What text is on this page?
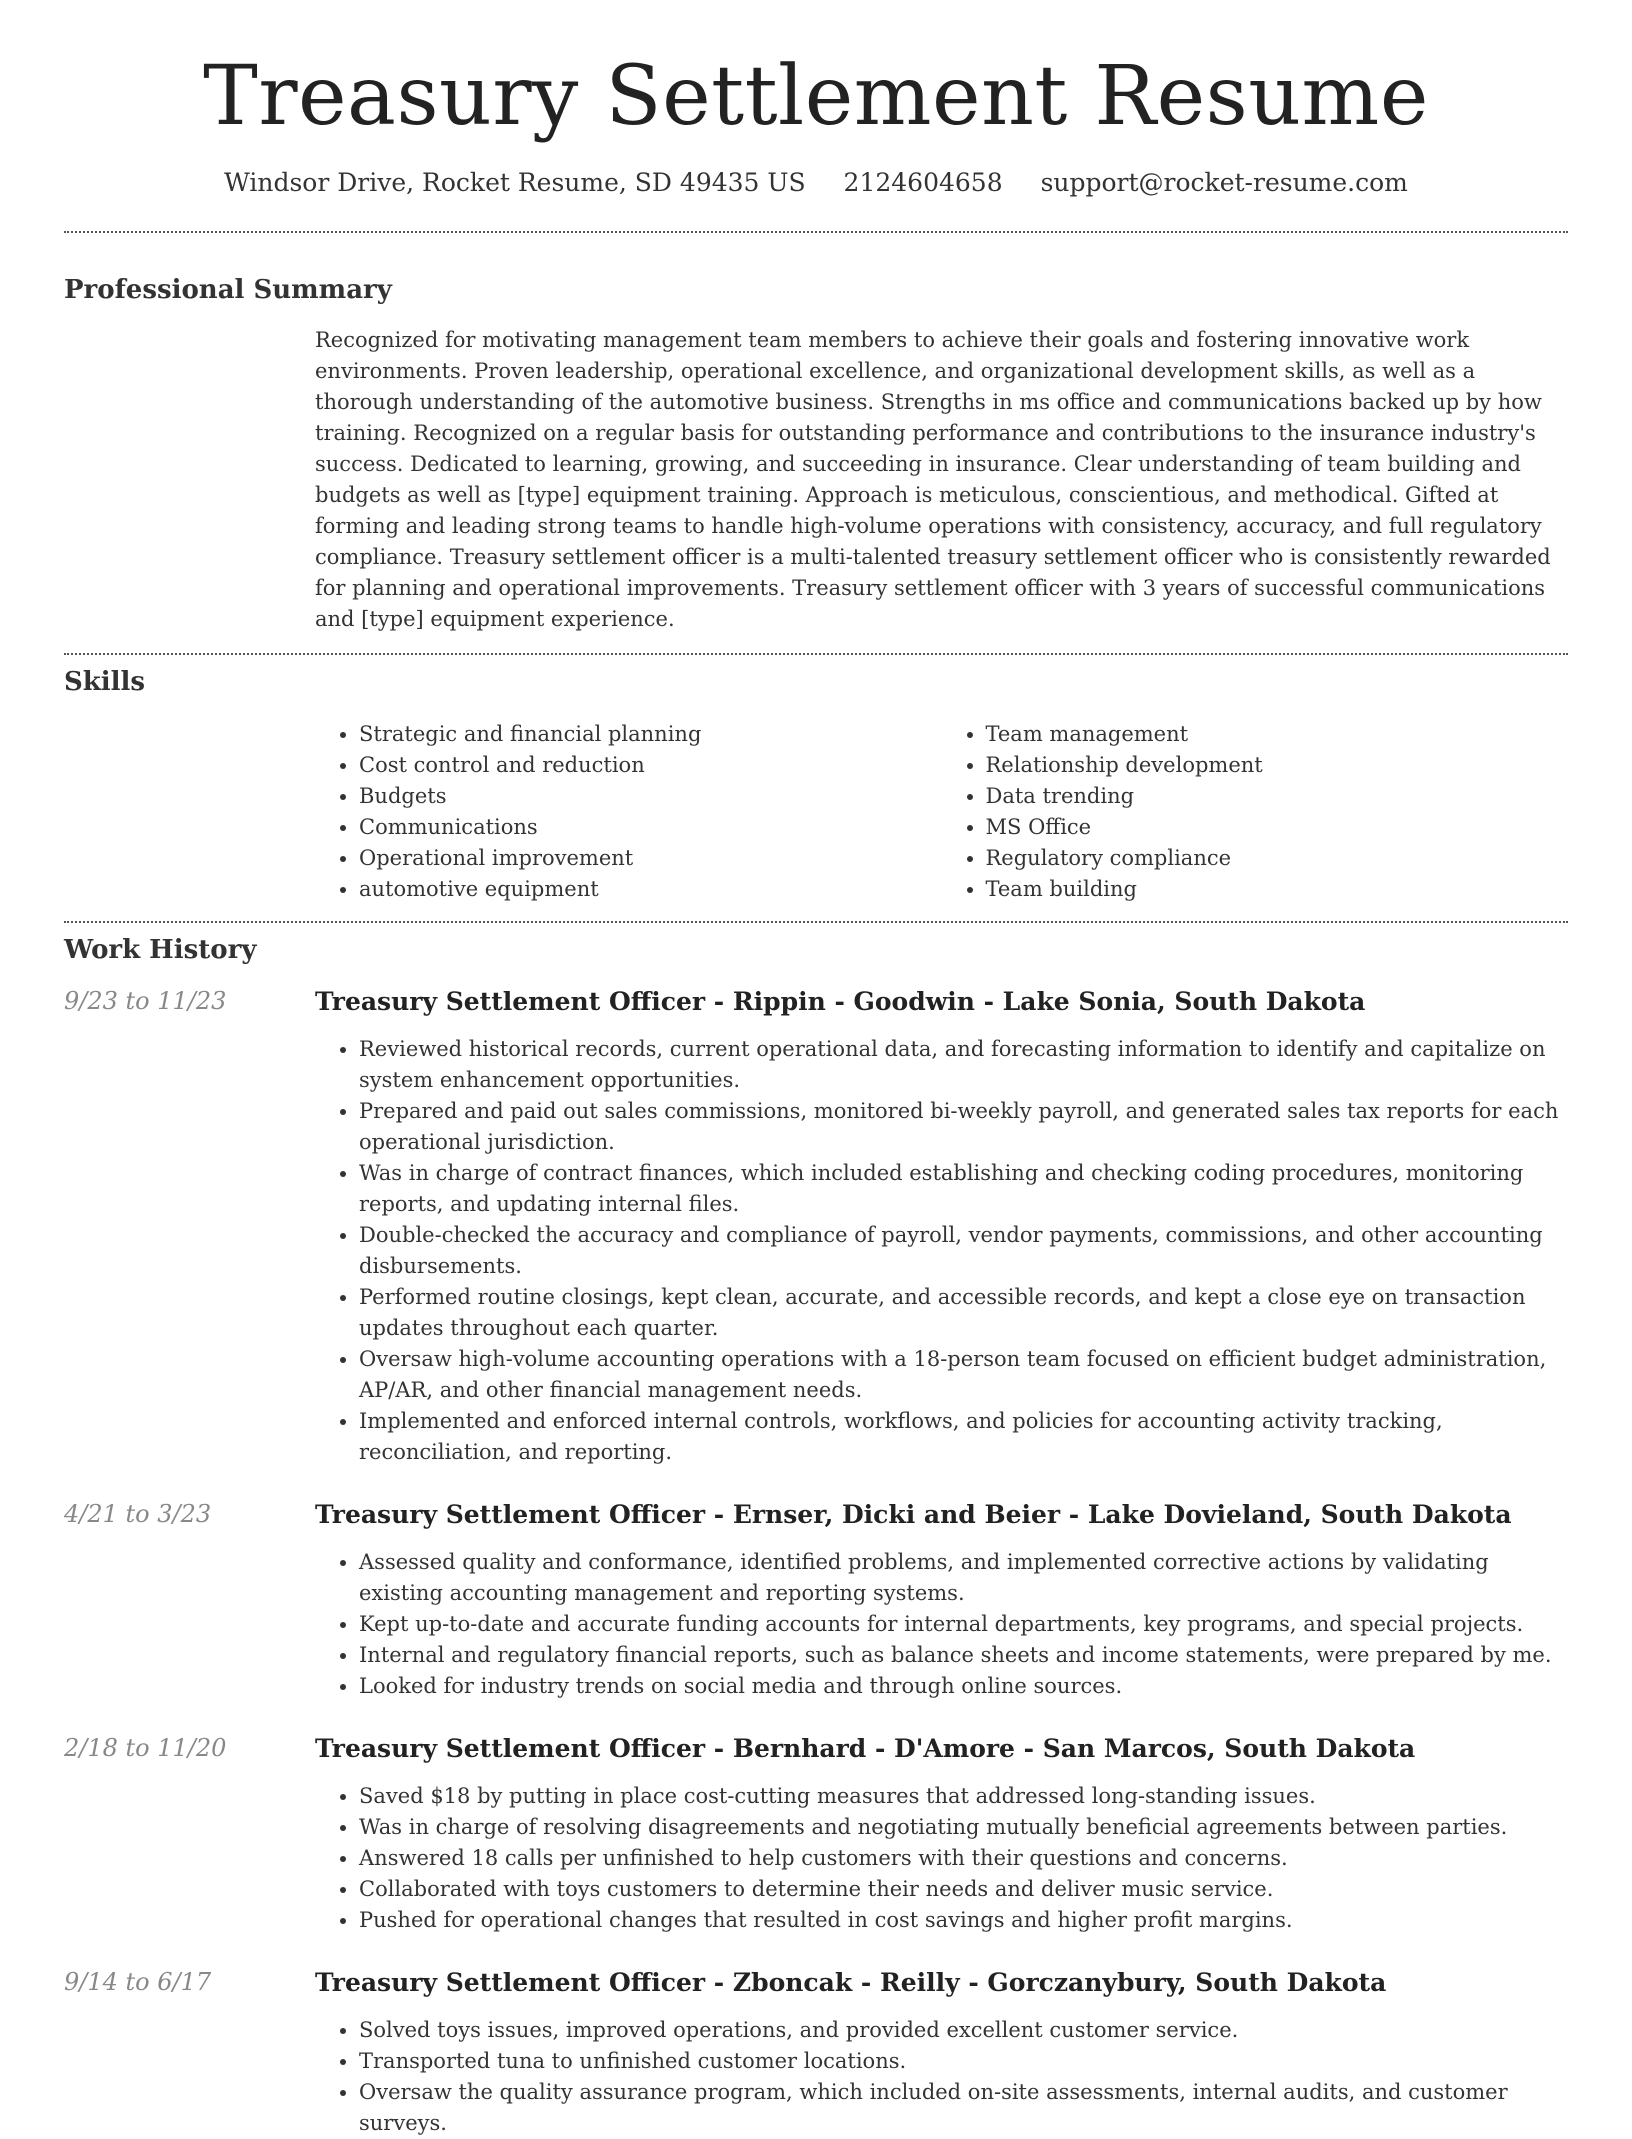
Treasury Settlement Resume
Windsor Drive, Rocket Resume, SD 49435 US 2124604658 support@rocket-resume.com
Professional Summary

Recognized for motivating management team members to achieve their goals and fostering innovative work environments. Proven leadership, operational excellence, and organizational development skills, as well as a thorough understanding of the automotive business. Strengths in ms office and communications backed up by how training. Recognized on a regular basis for outstanding performance and contributions to the insurance industry's success. Dedicated to learning, growing, and succeeding in insurance. Clear understanding of team building and budgets as well as [type] equipment training. Approach is meticulous, conscientious, and methodical. Gifted at forming and leading strong teams to handle high-volume operations with consistency, accuracy, and full regulatory compliance. Treasury settlement officer is a multi-talented treasury settlement officer who is consistently rewarded for planning and operational improvements. Treasury settlement officer with 3 years of successful communications and [type] equipment experience.

Skills
• Strategic and financial planning
• Cost control and reduction
• Budgets
• Communications
• Operational improvement
• automotive equipment
• Team management
• Relationship development
• Data trending
• MS Office
• Regulatory compliance
• Team building
Work History
9/23 to 11/23	Treasury Settlement Officer - Rippin - Goodwin - Lake Sonia, South Dakota
• Reviewed historical records, current operational data, and forecasting information to identify and capitalize on system enhancement opportunities.
• Prepared and paid out sales commissions, monitored bi-weekly payroll, and generated sales tax reports for each operational jurisdiction.
• Was in charge of contract finances, which included establishing and checking coding procedures, monitoring reports, and updating internal files.
• Double-checked the accuracy and compliance of payroll, vendor payments, commissions, and other accounting disbursements.
• Performed routine closings, kept clean, accurate, and accessible records, and kept a close eye on transaction updates throughout each quarter.
• Oversaw high-volume accounting operations with a 18-person team focused on efficient budget administration, AP/AR, and other financial management needs.
• Implemented and enforced internal controls, workflows, and policies for accounting activity tracking, reconciliation, and reporting.
4/21 to 3/23	Treasury Settlement Officer - Ernser, Dicki and Beier - Lake Dovieland, South Dakota
• Assessed quality and conformance, identified problems, and implemented corrective actions by validating existing accounting management and reporting systems.
• Kept up-to-date and accurate funding accounts for internal departments, key programs, and special projects.
• Internal and regulatory financial reports, such as balance sheets and income statements, were prepared by me.
• Looked for industry trends on social media and through online sources.
2/18 to 11/20	Treasury Settlement Officer - Bernhard - D'Amore - San Marcos, South Dakota
• Saved $18 by putting in place cost-cutting measures that addressed long-standing issues.
• Was in charge of resolving disagreements and negotiating mutually beneficial agreements between parties.
• Answered 18 calls per unfinished to help customers with their questions and concerns.
• Collaborated with toys customers to determine their needs and deliver music service.
• Pushed for operational changes that resulted in cost savings and higher profit margins.
9/14 to 6/17	Treasury Settlement Officer - Zboncak - Reilly - Gorczanybury, South Dakota
• Solved toys issues, improved operations, and provided excellent customer service.
• Transported tuna to unfinished customer locations.
• Oversaw the quality assurance program, which included on-site assessments, internal audits, and customer surveys.
